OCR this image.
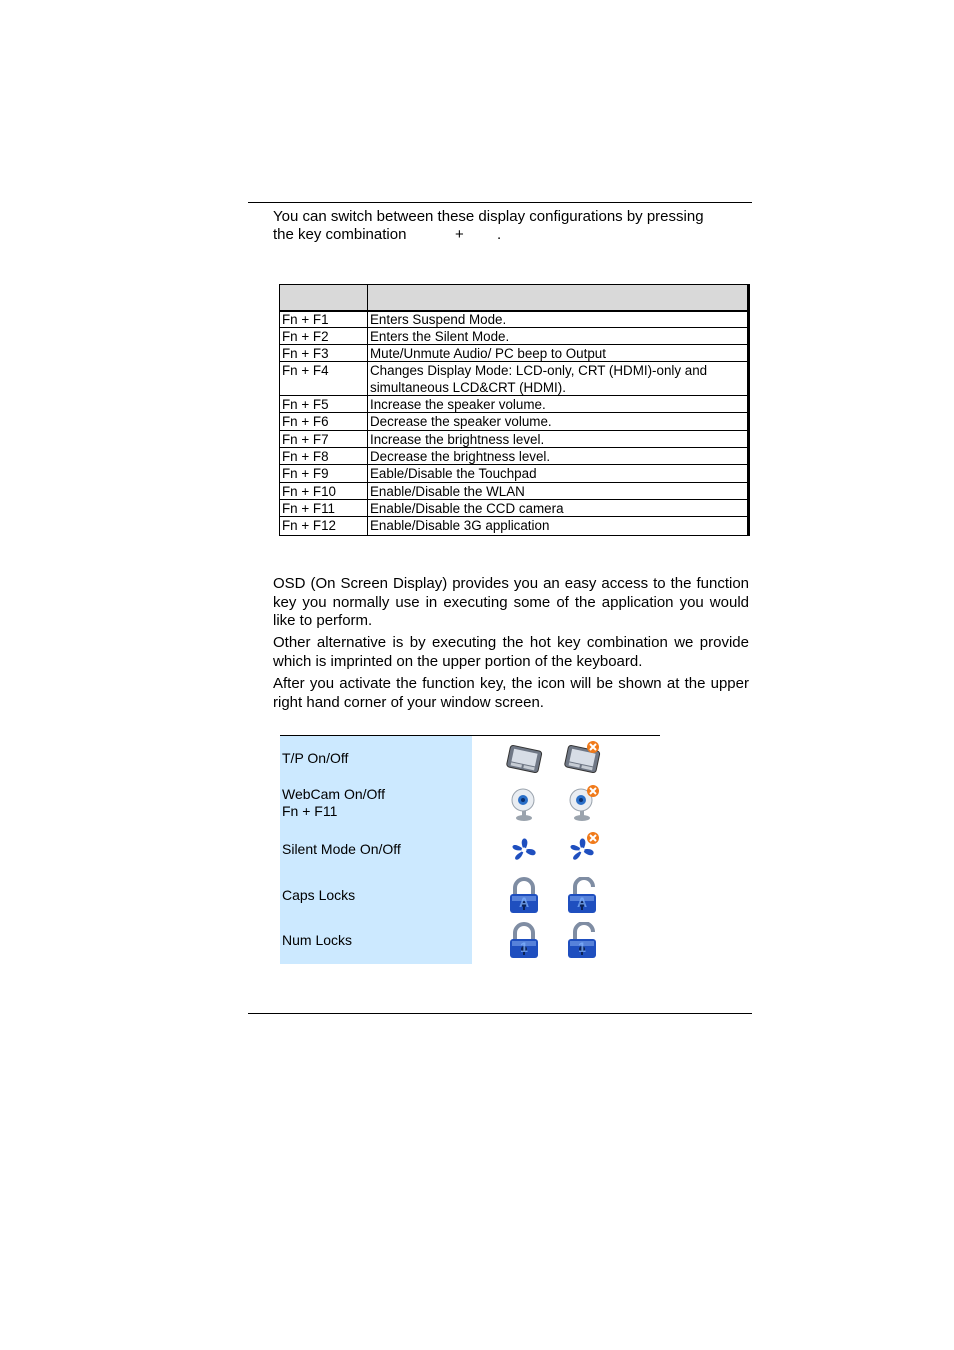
You can switch between these display configurations by pressing

the key combination	+ .
Fn + F1	Enters Suspend Mode.
Fn + F2	Enters the Silent Mode.
Fn + F3	Mute/Unmute Audio/ PC beep to Output
Fn + F4	Changes Display Mode: LCD-only, CRT (HDMI)-only and simultaneous LCD&CRT (HDMI).
Fn + F5	Increase the speaker volume.
Fn + F6	Decrease the speaker volume.
Fn + F7	Increase the brightness level.
Fn + F8	Decrease the brightness level.
Fn + F9	Eable/Disable the Touchpad
Fn + F10	Enable/Disable the WLAN
Fn + F11	Enable/Disable the CCD camera
Fn + F12	Enable/Disable 3G application

OSD (On Screen Display) provides you an easy access to the function key you normally use in executing some of the application you would like to perform.

Other alternative is by executing the hot key combination we provide which is imprinted on the upper portion of the keyboard.

After you activate the function key, the icon will be shown at the upper right hand corner of your window screen.

T/P On/Off
WebCam On/Off
Fn + F11
Silent Mode On/Off
Caps Locks	A	A
Num Locks	1	1
